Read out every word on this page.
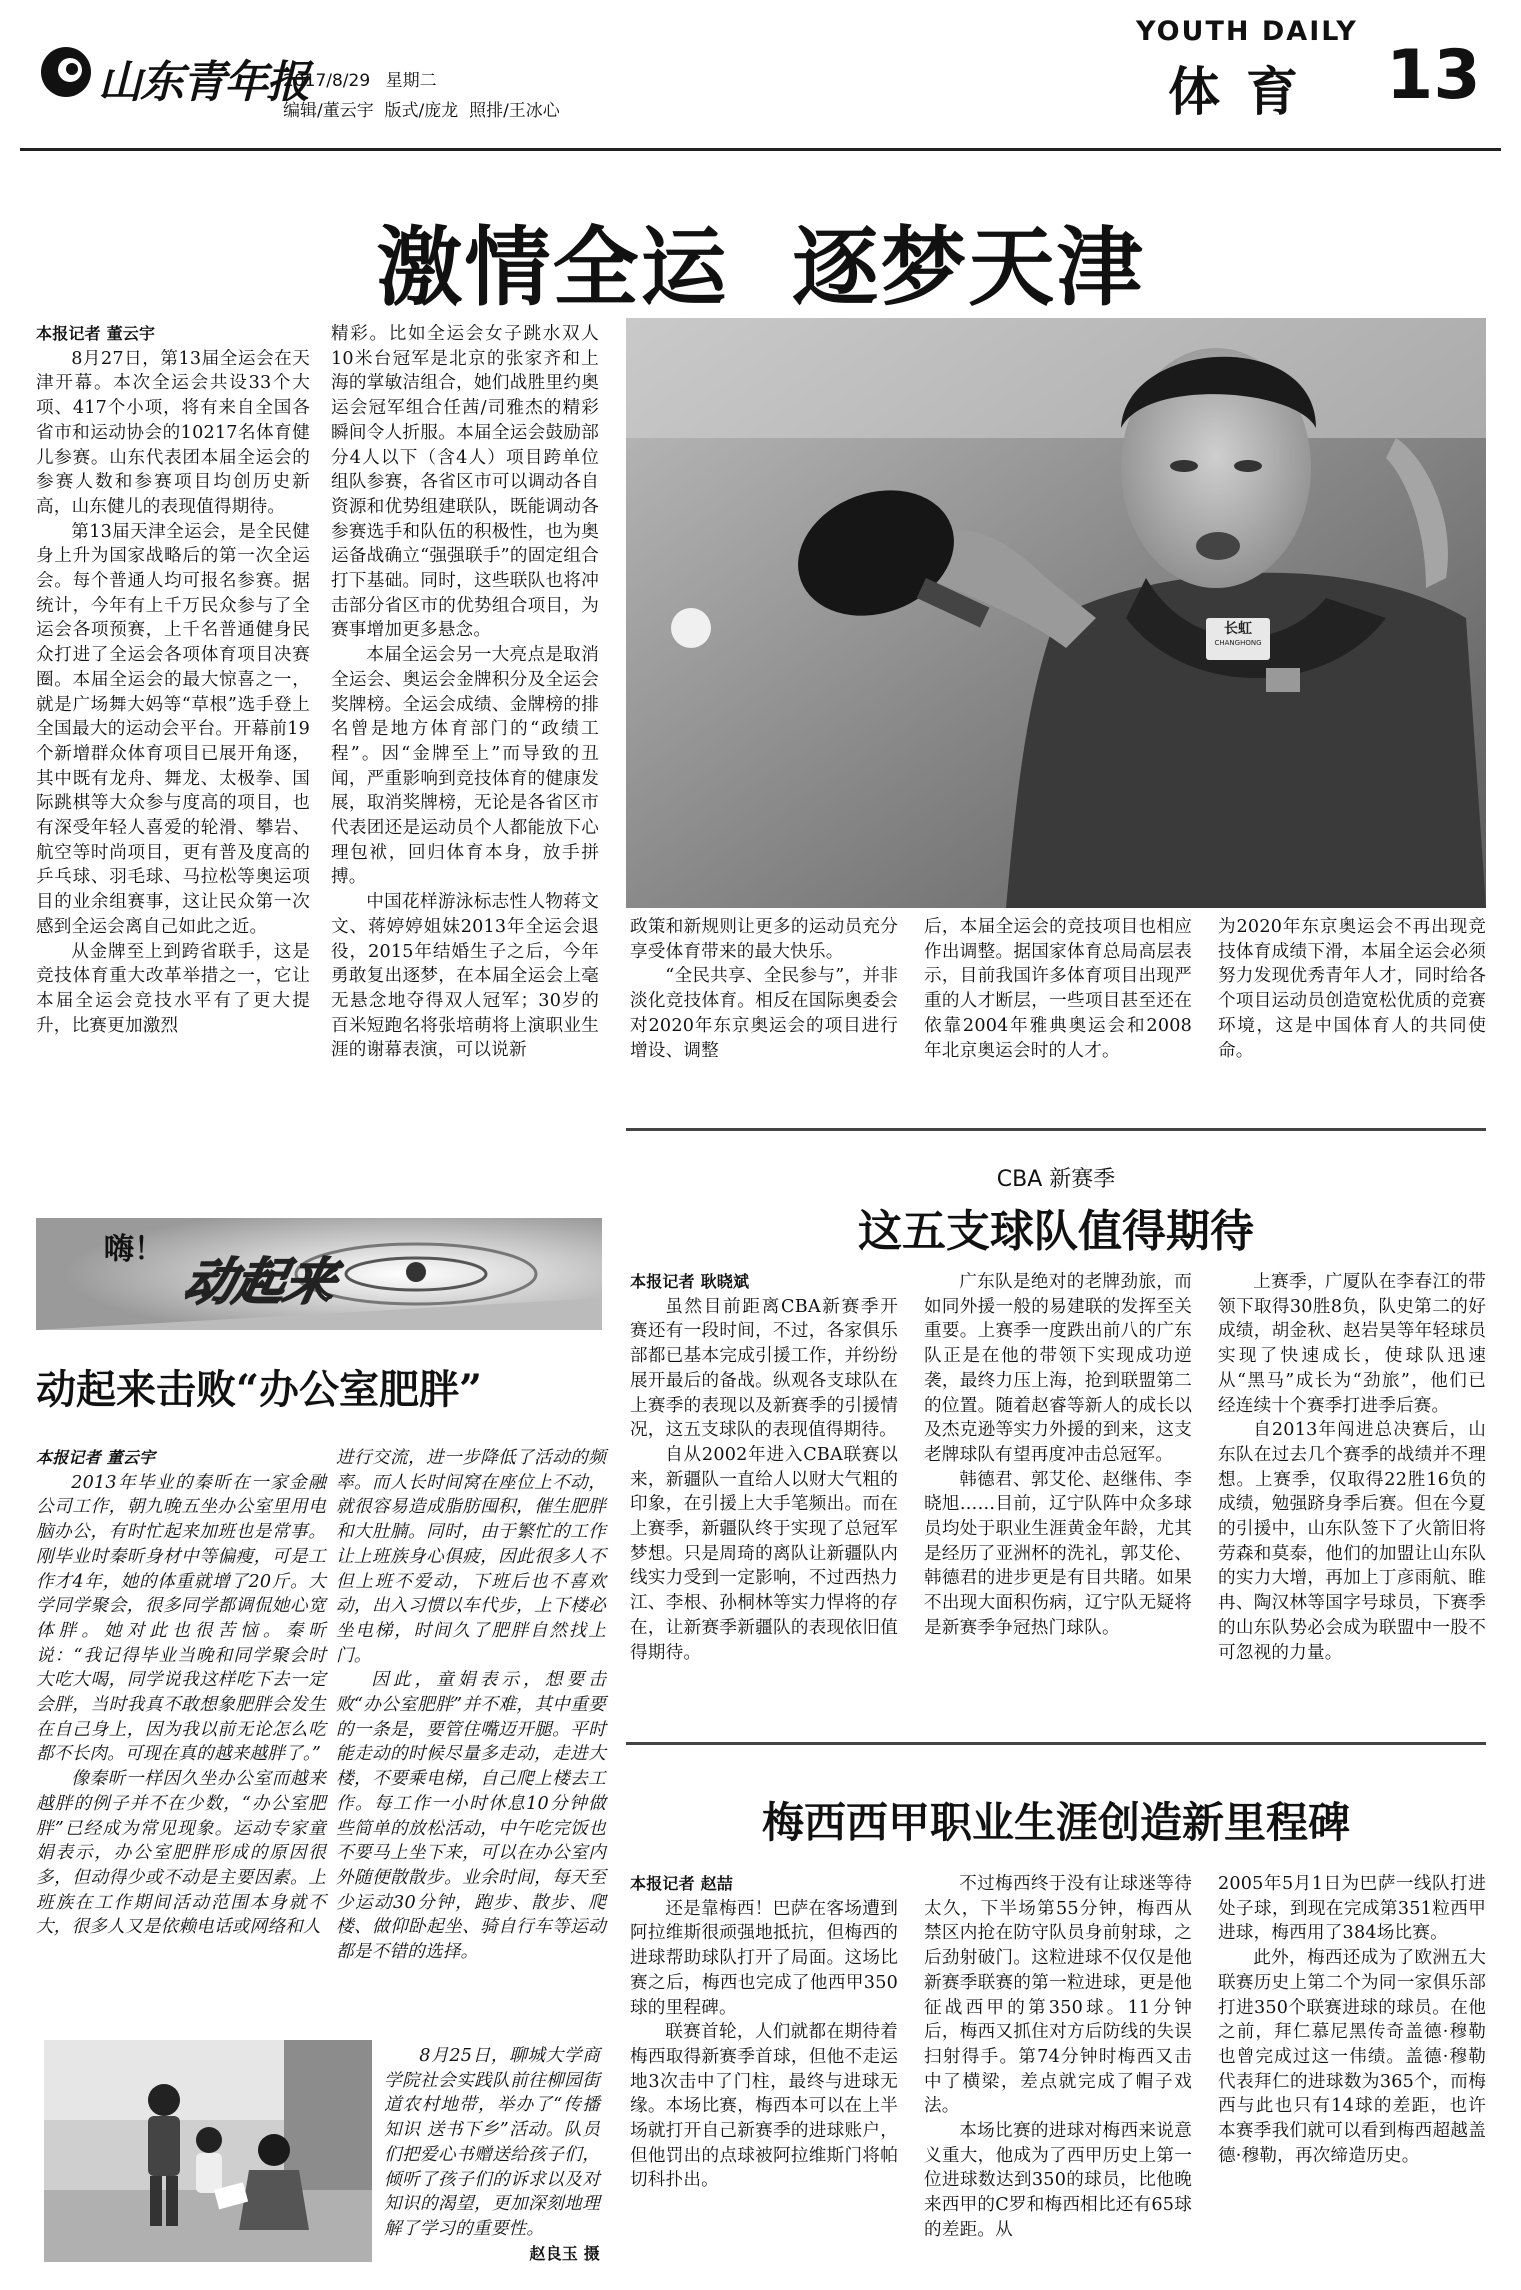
山东青年报
2017/8/29 星期二
编辑/董云宇  版式/庞龙  照排/王冰心
YOUTH DAILY
体育 13
激情全运  逐梦天津

本报记者 董云宇

8月27日，第13届全运会在天津开幕。本次全运会共设33个大项、417个小项，将有来自全国各省市和运动协会的10217名体育健儿参赛。山东代表团本届全运会的参赛人数和参赛项目均创历史新高，山东健儿的表现值得期待。

第13届天津全运会，是全民健身上升为国家战略后的第一次全运会。每个普通人均可报名参赛。据统计，今年有上千万民众参与了全运会各项预赛，上千名普通健身民众打进了全运会各项体育项目决赛圈。本届全运会的最大惊喜之一，就是广场舞大妈等“草根”选手登上全国最大的运动会平台。开幕前19个新增群众体育项目已展开角逐，其中既有龙舟、舞龙、太极拳、国际跳棋等大众参与度高的项目，也有深受年轻人喜爱的轮滑、攀岩、航空等时尚项目，更有普及度高的乒乓球、羽毛球、马拉松等奥运项目的业余组赛事，这让民众第一次感到全运会离自己如此之近。

从金牌至上到跨省联手，这是竞技体育重大改革举措之一，它让本届全运会竞技水平有了更大提升，比赛更加激烈

精彩。比如全运会女子跳水双人10米台冠军是北京的张家齐和上海的掌敏洁组合，她们战胜里约奥运会冠军组合任茜/司雅杰的精彩瞬间令人折服。本届全运会鼓励部分4人以下（含4人）项目跨单位组队参赛，各省区市可以调动各自资源和优势组建联队，既能调动各参赛选手和队伍的积极性，也为奥运备战确立“强强联手”的固定组合打下基础。同时，这些联队也将冲击部分省区市的优势组合项目，为赛事增加更多悬念。

本届全运会另一大亮点是取消全运会、奥运会金牌积分及全运会奖牌榜。全运会成绩、金牌榜的排名曾是地方体育部门的“政绩工程”。因“金牌至上”而导致的丑闻，严重影响到竞技体育的健康发展，取消奖牌榜，无论是各省区市代表团还是运动员个人都能放下心理包袱，回归体育本身，放手拼搏。

中国花样游泳标志性人物蒋文文、蒋婷婷姐妹2013年全运会退役，2015年结婚生子之后，今年勇敢复出逐梦，在本届全运会上毫无悬念地夺得双人冠军；30岁的百米短跑名将张培萌将上演职业生涯的谢幕表演，可以说新

长虹
CHANGHONG

政策和新规则让更多的运动员充分享受体育带来的最大快乐。

“全民共享、全民参与”，并非淡化竞技体育。相反在国际奥委会对2020年东京奥运会的项目进行增设、调整

后，本届全运会的竞技项目也相应作出调整。据国家体育总局高层表示，目前我国许多体育项目出现严重的人才断层，一些项目甚至还在依靠2004年雅典奥运会和2008年北京奥运会时的人才。

为2020年东京奥运会不再出现竞技体育成绩下滑，本届全运会必须努力发现优秀青年人才，同时给各个项目运动员创造宽松优质的竞赛环境，这是中国体育人的共同使命。

CBA 新赛季
这五支球队值得期待

本报记者 耿晓斌

虽然目前距离CBA新赛季开赛还有一段时间，不过，各家俱乐部都已基本完成引援工作，并纷纷展开最后的备战。纵观各支球队在上赛季的表现以及新赛季的引援情况，这五支球队的表现值得期待。

自从2002年进入CBA联赛以来，新疆队一直给人以财大气粗的印象，在引援上大手笔频出。而在上赛季，新疆队终于实现了总冠军梦想。只是周琦的离队让新疆队内线实力受到一定影响，不过西热力江、李根、孙桐林等实力悍将的存在，让新赛季新疆队的表现依旧值得期待。

广东队是绝对的老牌劲旅，而如同外援一般的易建联的发挥至关重要。上赛季一度跌出前八的广东队正是在他的带领下实现成功逆袭，最终力压上海，抢到联盟第二的位置。随着赵睿等新人的成长以及杰克逊等实力外援的到来，这支老牌球队有望再度冲击总冠军。

韩德君、郭艾伦、赵继伟、李晓旭……目前，辽宁队阵中众多球员均处于职业生涯黄金年龄，尤其是经历了亚洲杯的洗礼，郭艾伦、韩德君的进步更是有目共睹。如果不出现大面积伤病，辽宁队无疑将是新赛季争冠热门球队。

上赛季，广厦队在李春江的带领下取得30胜8负，队史第二的好成绩，胡金秋、赵岩昊等年轻球员实现了快速成长，使球队迅速从“黑马”成长为“劲旅”，他们已经连续十个赛季打进季后赛。

自2013年闯进总决赛后，山东队在过去几个赛季的战绩并不理想。上赛季，仅取得22胜16负的成绩，勉强跻身季后赛。但在今夏的引援中，山东队签下了火箭旧将劳森和莫泰，他们的加盟让山东队的实力大增，再加上丁彦雨航、睢冉、陶汉林等国字号球员，下赛季的山东队势必会成为联盟中一股不可忽视的力量。

梅西西甲职业生涯创造新里程碑

本报记者 赵喆

还是靠梅西！巴萨在客场遭到阿拉维斯很顽强地抵抗，但梅西的进球帮助球队打开了局面。这场比赛之后，梅西也完成了他西甲350球的里程碑。

联赛首轮，人们就都在期待着梅西取得新赛季首球，但他不走运地3次击中了门柱，最终与进球无缘。本场比赛，梅西本可以在上半场就打开自己新赛季的进球账户，但他罚出的点球被阿拉维斯门将帕切科扑出。

不过梅西终于没有让球迷等待太久，下半场第55分钟，梅西从禁区内抢在防守队员身前射球，之后劲射破门。这粒进球不仅仅是他新赛季联赛的第一粒进球，更是他征战西甲的第350球。11分钟后，梅西又抓住对方后防线的失误扫射得手。第74分钟时梅西又击中了横梁，差点就完成了帽子戏法。

本场比赛的进球对梅西来说意义重大，他成为了西甲历史上第一位进球数达到350的球员，比他晚来西甲的C罗和梅西相比还有65球的差距。从

2005年5月1日为巴萨一线队打进处子球，到现在完成第351粒西甲进球，梅西用了384场比赛。

此外，梅西还成为了欧洲五大联赛历史上第二个为同一家俱乐部打进350个联赛进球的球员。在他之前，拜仁慕尼黑传奇盖德·穆勒也曾完成过这一伟绩。盖德·穆勒代表拜仁的进球数为365个，而梅西与此也只有14球的差距，也许本赛季我们就可以看到梅西超越盖德·穆勒，再次缔造历史。

嗨！
动起来
动起来击败“办公室肥胖”

本报记者 董云宇

2013年毕业的秦昕在一家金融公司工作，朝九晚五坐办公室里用电脑办公，有时忙起来加班也是常事。刚毕业时秦昕身材中等偏瘦，可是工作才4年，她的体重就增了20斤。大学同学聚会，很多同学都调侃她心宽体胖。她对此也很苦恼。秦昕说：“我记得毕业当晚和同学聚会时大吃大喝，同学说我这样吃下去一定会胖，当时我真不敢想象肥胖会发生在自己身上，因为我以前无论怎么吃都不长肉。可现在真的越来越胖了。”

像秦昕一样因久坐办公室而越来越胖的例子并不在少数，“办公室肥胖”已经成为常见现象。运动专家童娟表示，办公室肥胖形成的原因很多，但动得少或不动是主要因素。上班族在工作期间活动范围本身就不大，很多人又是依赖电话或网络和人

进行交流，进一步降低了活动的频率。而人长时间窝在座位上不动，就很容易造成脂肪囤积，催生肥胖和大肚腩。同时，由于繁忙的工作让上班族身心俱疲，因此很多人不但上班不爱动，下班后也不喜欢动，出入习惯以车代步，上下楼必坐电梯，时间久了肥胖自然找上门。

因此，童娟表示，想要击败“办公室肥胖”并不难，其中重要的一条是，要管住嘴迈开腿。平时能走动的时候尽量多走动，走进大楼，不要乘电梯，自己爬上楼去工作。每工作一小时休息10分钟做些简单的放松活动，中午吃完饭也不要马上坐下来，可以在办公室内外随便散散步。业余时间，每天至少运动30分钟，跑步、散步、爬楼、做仰卧起坐、骑自行车等运动都是不错的选择。

8月25日，聊城大学商学院社会实践队前往柳园街道农村地带，举办了“传播知识 送书下乡”活动。队员们把爱心书赠送给孩子们，倾听了孩子们的诉求以及对知识的渴望，更加深刻地理解了学习的重要性。

赵良玉 摄
